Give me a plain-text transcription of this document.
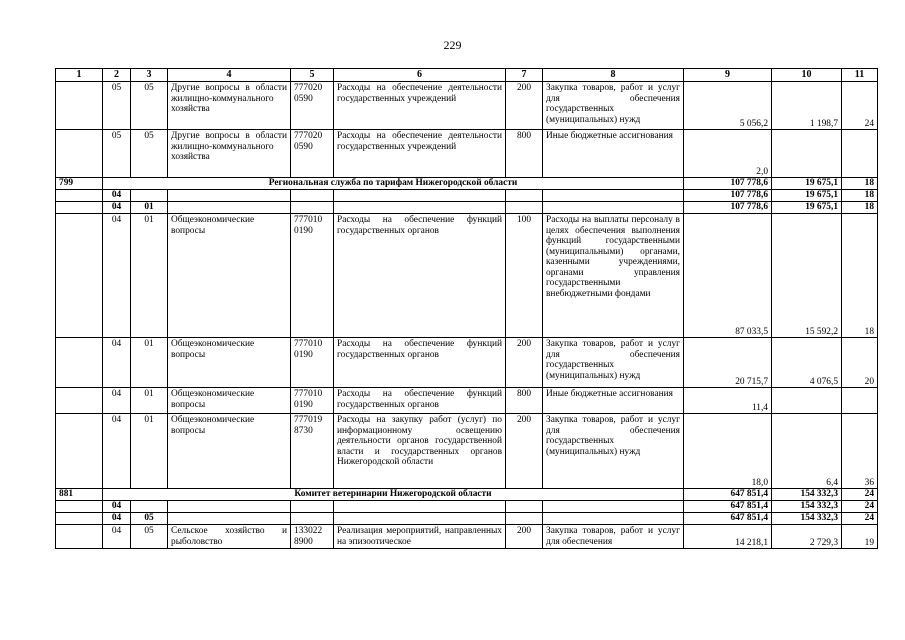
229
1	2	3	4	5	6	7	8	9	10	11
	05	05	Другие вопросы в области жилищно-коммунального хозяйства	777020 0590	Расходы на обеспечение деятельности государственных учреждений	200	Закупка товаров, работ и услуг для обеспечения государственных (муниципальных) нужд	5 056,2	1 198,7	24
	05	05	Другие вопросы в области жилищно-коммунального хозяйства	777020 0590	Расходы на обеспечение деятельности государственных учреждений	800	Иные бюджетные ассигнования	2,0		
799	Региональная служба по тарифам Нижегородской области							107 778,6	19 675,1	18
	04							107 778,6	19 675,1	18
	04	01						107 778,6	19 675,1	18
	04	01	Общеэкономические вопросы	777010 0190	Расходы на обеспечение функций государственных органов	100	Расходы на выплаты персоналу в целях обеспечения выполнения функций государственными (муниципальными) органами, казенными учреждениями, органами управления государственными внебюджетными фондами	87 033,5	15 592,2	18
	04	01	Общеэкономические вопросы	777010 0190	Расходы на обеспечение функций государственных органов	200	Закупка товаров, работ и услуг для обеспечения государственных (муниципальных) нужд	20 715,7	4 076,5	20
	04	01	Общеэкономические вопросы	777010 0190	Расходы на обеспечение функций государственных органов	800	Иные бюджетные ассигнования	11,4		
	04	01	Общеэкономические вопросы	777019 8730	Расходы на закупку работ (услуг) по информационному освещению деятельности органов государственной власти и государственных органов Нижегородской области	200	Закупка товаров, работ и услуг для обеспечения государственных (муниципальных) нужд	18,0	6,4	36
881	Комитет ветеринарии Нижегородской области							647 851,4	154 332,3	24
	04							647 851,4	154 332,3	24
	04	05						647 851,4	154 332,3	24
	04	05	Сельское хозяйство и рыболовство	133022 8900	Реализация мероприятий, направленных на эпизоотическое	200	Закупка товаров, работ и услуг для обеспечения	14 218,1	2 729,3	19
